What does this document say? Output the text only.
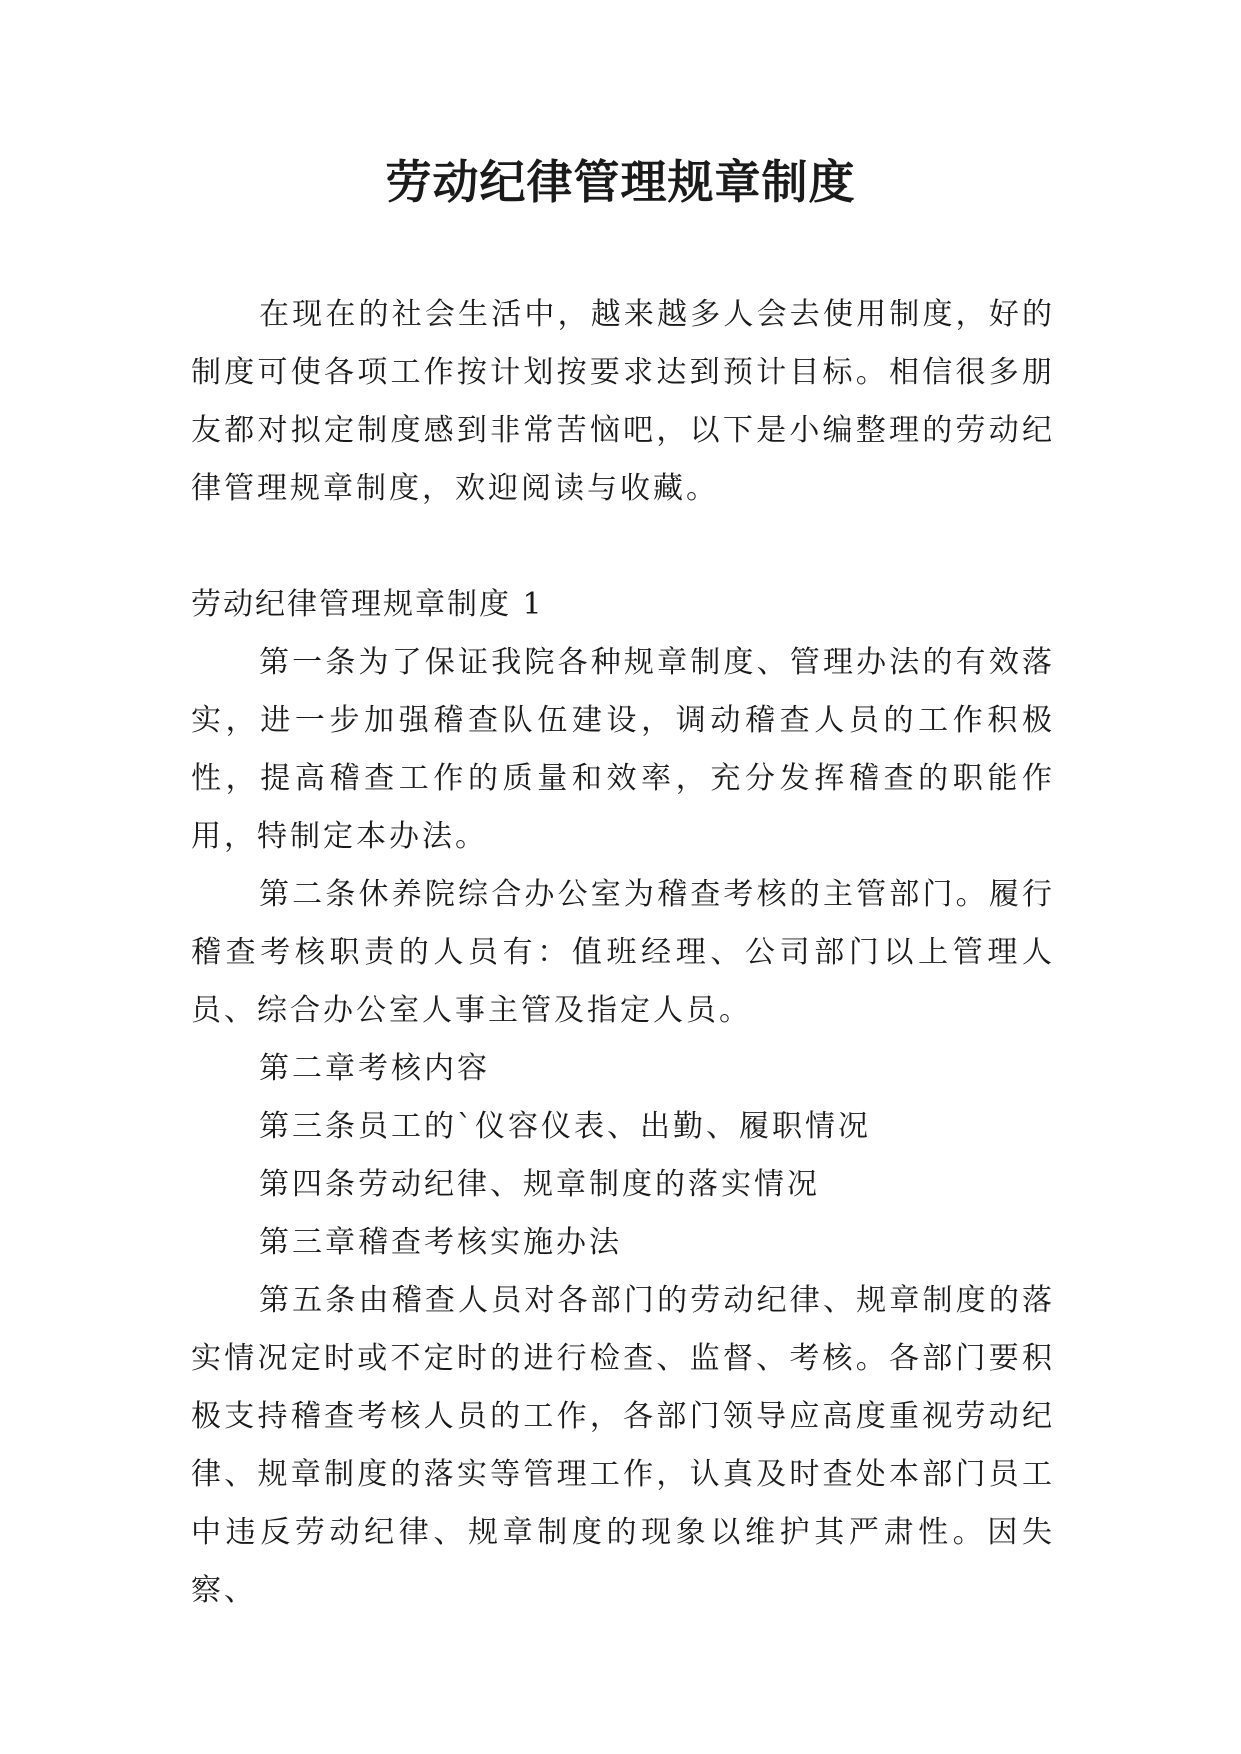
劳动纪律管理规章制度

在现在的社会生活中，越来越多人会去使用制度，好的制度可使各项工作按计划按要求达到预计目标。相信很多朋友都对拟定制度感到非常苦恼吧，以下是小编整理的劳动纪律管理规章制度，欢迎阅读与收藏。

劳动纪律管理规章制度 1

第一条为了保证我院各种规章制度、管理办法的有效落实，进一步加强稽查队伍建设，调动稽查人员的工作积极性，提高稽查工作的质量和效率，充分发挥稽查的职能作用，特制定本办法。

第二条休养院综合办公室为稽查考核的主管部门。履行稽查考核职责的人员有：值班经理、公司部门以上管理人员、综合办公室人事主管及指定人员。

第二章考核内容

第三条员工的`仪容仪表、出勤、履职情况

第四条劳动纪律、规章制度的落实情况

第三章稽查考核实施办法

第五条由稽查人员对各部门的劳动纪律、规章制度的落实情况定时或不定时的进行检查、监督、考核。各部门要积极支持稽查考核人员的工作，各部门领导应高度重视劳动纪律、规章制度的落实等管理工作，认真及时查处本部门员工中违反劳动纪律、规章制度的现象以维护其严肃性。因失察、
